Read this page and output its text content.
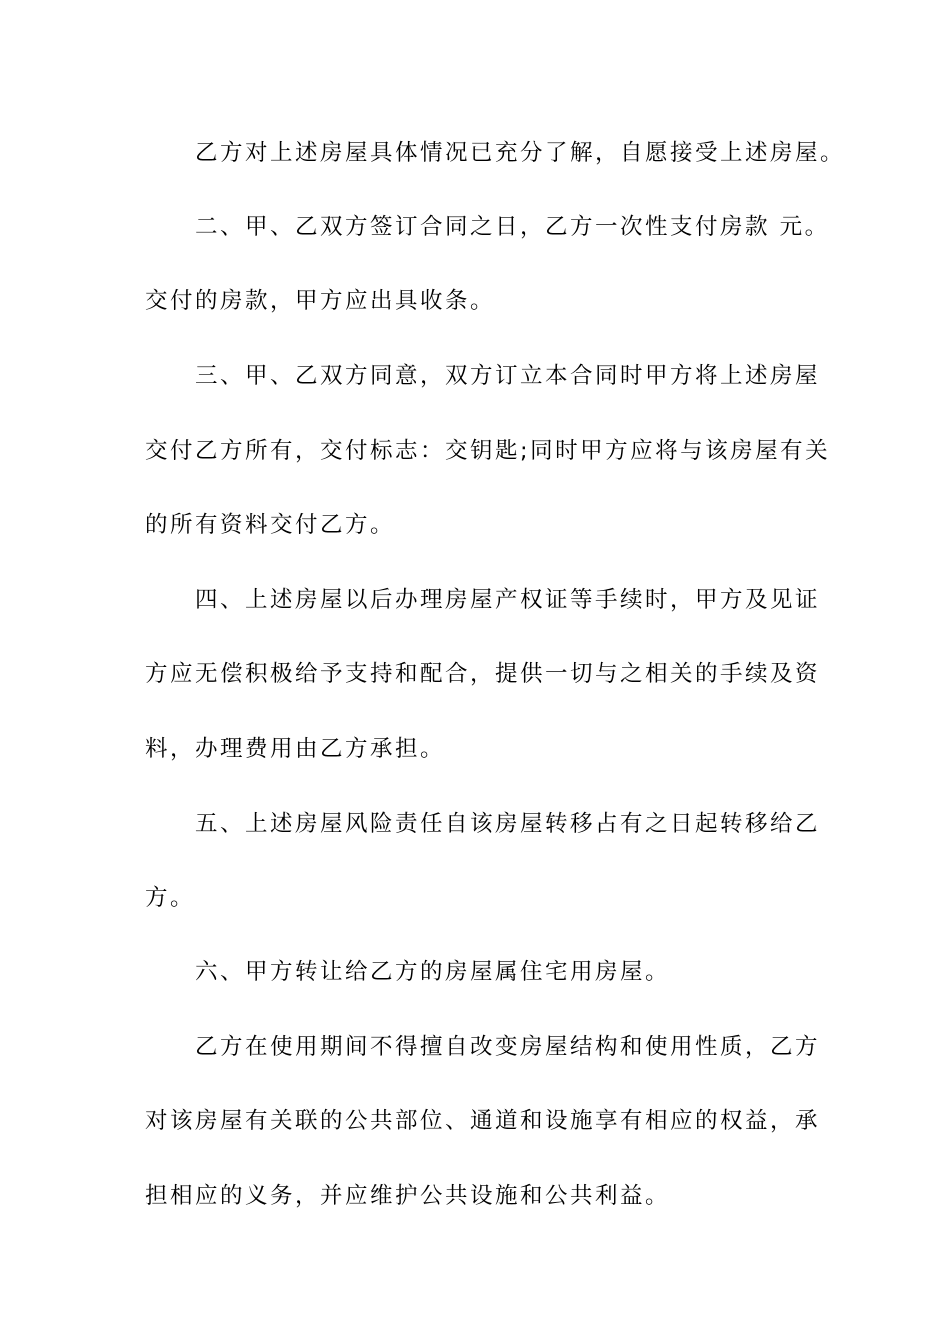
乙方对上述房屋具体情况已充分了解，自愿接受上述房屋。
二、甲、乙双方签订合同之日，乙方一次性支付房款 元。
交付的房款，甲方应出具收条。
三、甲、乙双方同意，双方订立本合同时甲方将上述房屋
交付乙方所有，交付标志：交钥匙;同时甲方应将与该房屋有关
的所有资料交付乙方。
四、上述房屋以后办理房屋产权证等手续时，甲方及见证
方应无偿积极给予支持和配合，提供一切与之相关的手续及资
料，办理费用由乙方承担。
五、上述房屋风险责任自该房屋转移占有之日起转移给乙
方。
六、甲方转让给乙方的房屋属住宅用房屋。
乙方在使用期间不得擅自改变房屋结构和使用性质，乙方
对该房屋有关联的公共部位、通道和设施享有相应的权益，承
担相应的义务，并应维护公共设施和公共利益。
